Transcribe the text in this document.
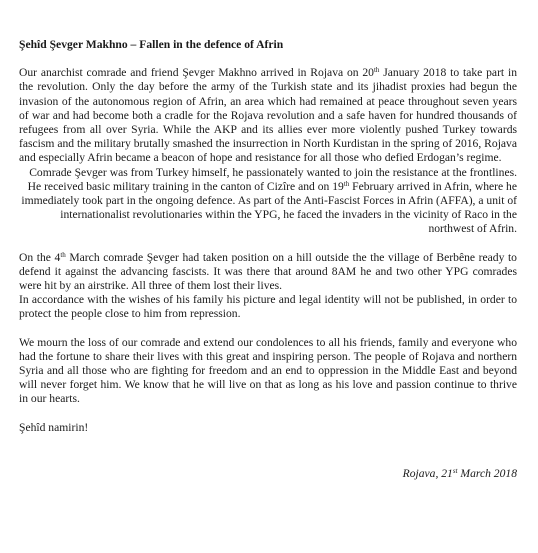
Şehîd Şevger Makhno – Fallen in the defence of Afrin

Our anarchist comrade and friend Şevger Makhno arrived in Rojava on 20th January 2018 to take part in the revolution. Only the day before the army of the Turkish state and its jihadist proxies had begun the invasion of the autonomous region of Afrin, an area which had remained at peace throughout seven years of war and had become both a cradle for the Rojava revolution and a safe haven for hundred thousands of refugees from all over Syria. While the AKP and its allies ever more violently pushed Turkey towards fascism and the military brutally smashed the insurrection in North Kurdistan in the spring of 2016, Rojava and especially Afrin became a beacon of hope and resistance for all those who defied Erdogan’s regime.

Comrade Şevger was from Turkey himself, he passionately wanted to join the resistance at the frontlines. He received basic military training in the canton of Cizîre and on 19th February arrived in Afrin, where he immediately took part in the ongoing defence. As part of the Anti-Fascist Forces in Afrin (AFFA), a unit of internationalist revolutionaries within the YPG, he faced the invaders in the vicinity of Raco in the northwest of Afrin.

On the 4th March comrade Şevger had taken position on a hill outside the the village of Berbêne ready to defend it against the advancing fascists. It was there that around 8AM he and two other YPG comrades were hit by an airstrike. All three of them lost their lives.

In accordance with the wishes of his family his picture and legal identity will not be published, in order to protect the people close to him from repression.

We mourn the loss of our comrade and extend our condolences to all his friends, family and everyone who had the fortune to share their lives with this great and inspiring person. The people of Rojava and northern Syria and all those who are fighting for freedom and an end to oppression in the Middle East and beyond will never forget him. We know that he will live on that as long as his love and passion continue to thrive in our hearts.

Şehîd namirin!

Rojava, 21st March 2018
